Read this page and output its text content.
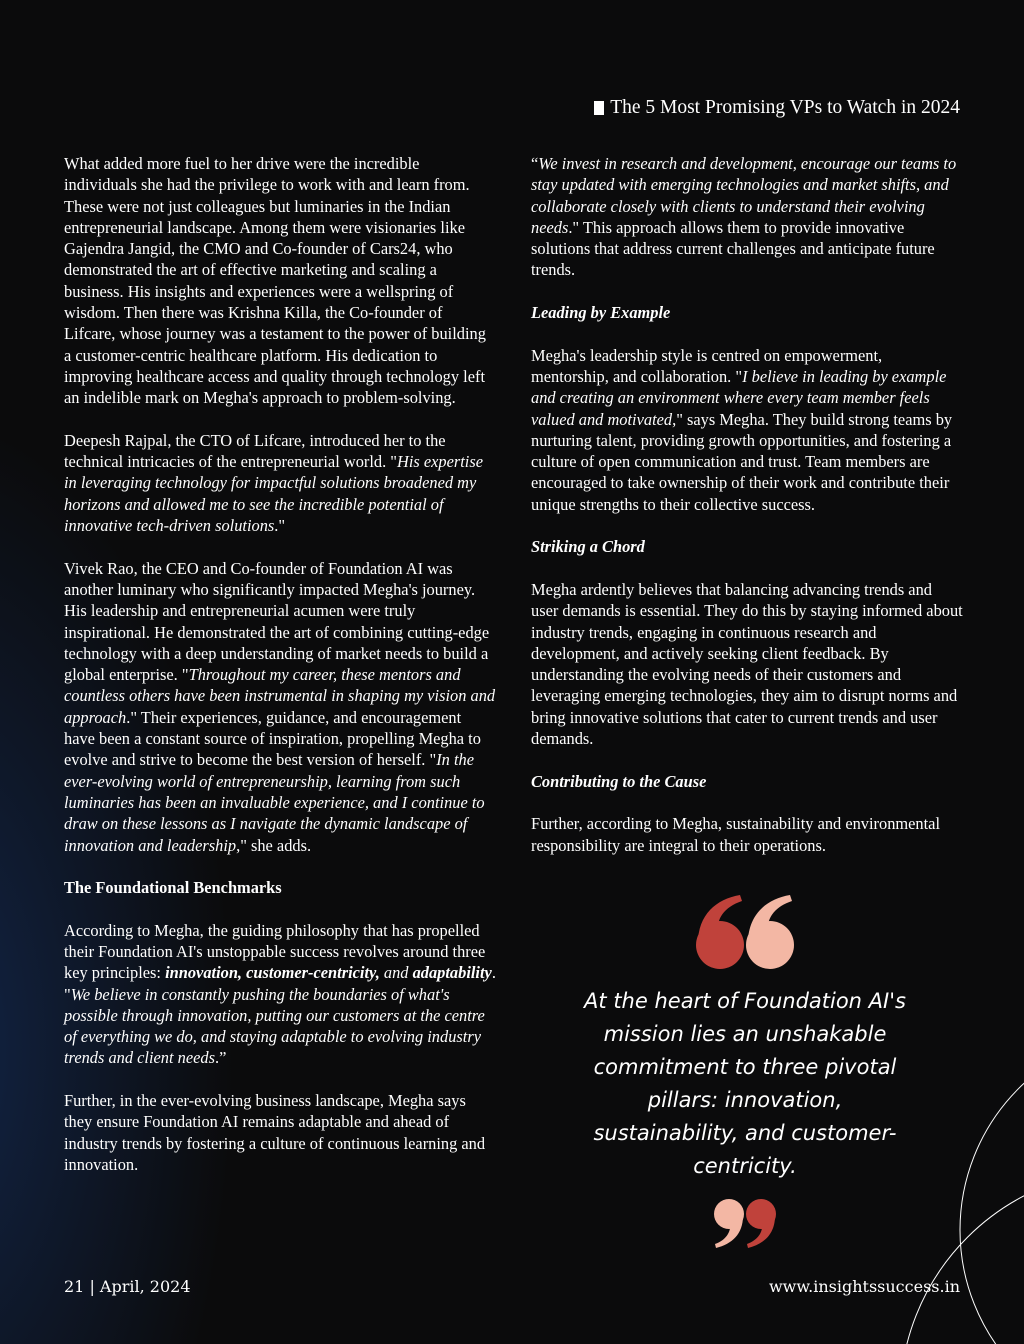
The 5 Most Promising VPs to Watch in 2024

What added more fuel to her drive were the incredible individuals she had the privilege to work with and learn from. These were not just colleagues but luminaries in the Indian entrepreneurial landscape. Among them were visionaries like Gajendra Jangid, the CMO and Co-founder of Cars24, who demonstrated the art of effective marketing and scaling a business. His insights and experiences were a wellspring of wisdom. Then there was Krishna Killa, the Co-founder of Lifcare, whose journey was a testament to the power of building a customer-centric healthcare platform. His dedication to improving healthcare access and quality through technology left an indelible mark on Megha's approach to problem-solving.

Deepesh Rajpal, the CTO of Lifcare, introduced her to the technical intricacies of the entrepreneurial world. "His expertise in leveraging technology for impactful solutions broadened my horizons and allowed me to see the incredible potential of innovative tech-driven solutions."

Vivek Rao, the CEO and Co-founder of Foundation AI was another luminary who significantly impacted Megha's journey. His leadership and entrepreneurial acumen were truly inspirational. He demonstrated the art of combining cutting-edge technology with a deep understanding of market needs to build a global enterprise. "Throughout my career, these mentors and countless others have been instrumental in shaping my vision and approach." Their experiences, guidance, and encouragement have been a constant source of inspiration, propelling Megha to evolve and strive to become the best version of herself. "In the ever-evolving world of entrepreneurship, learning from such luminaries has been an invaluable experience, and I continue to draw on these lessons as I navigate the dynamic landscape of innovation and leadership," she adds.

The Foundational Benchmarks

According to Megha, the guiding philosophy that has propelled their Foundation AI's unstoppable success revolves around three key principles: innovation, customer-centricity, and adaptability. "We believe in constantly pushing the boundaries of what's possible through innovation, putting our customers at the centre of everything we do, and staying adaptable to evolving industry trends and client needs.”

Further, in the ever-evolving business landscape, Megha says they ensure Foundation AI remains adaptable and ahead of industry trends by fostering a culture of continuous learning and innovation.

“We invest in research and development, encourage our teams to stay updated with emerging technologies and market shifts, and collaborate closely with clients to understand their evolving needs." This approach allows them to provide innovative solutions that address current challenges and anticipate future trends.

Leading by Example

Megha's leadership style is centred on empowerment, mentorship, and collaboration. "I believe in leading by example and creating an environment where every team member feels valued and motivated," says Megha. They build strong teams by nurturing talent, providing growth opportunities, and fostering a culture of open communication and trust. Team members are encouraged to take ownership of their work and contribute their unique strengths to their collective success.

Striking a Chord

Megha ardently believes that balancing advancing trends and user demands is essential. They do this by staying informed about industry trends, engaging in continuous research and development, and actively seeking client feedback. By understanding the evolving needs of their customers and leveraging emerging technologies, they aim to disrupt norms and bring innovative solutions that cater to current trends and user demands.

Contributing to the Cause

Further, according to Megha, sustainability and environmental responsibility are integral to their operations.

At the heart of Foundation AI's mission lies an unshakable commitment to three pivotal pillars: innovation, sustainability, and customer-centricity.
21 | April, 2024	www.insightssuccess.in
